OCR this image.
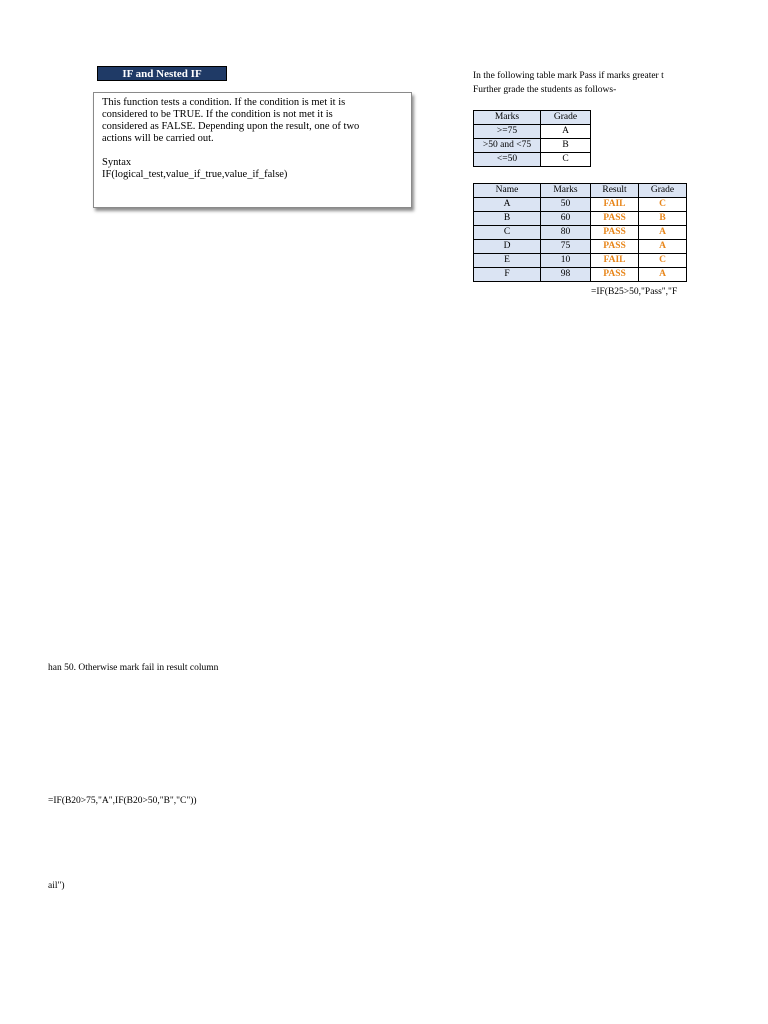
IF and Nested IF

This function tests a condition. If the condition is met it is

considered to be TRUE. If the condition is not met it is

considered as FALSE. Depending upon the result, one of two

actions will be carried out.

Syntax

IF(logical_test,value_if_true,value_if_false)

In the following table mark Pass if marks greater t
Further grade the students as follows-
Marks	Grade
>=75	A
>50 and <75	B
<=50	C
Name	Marks	Result	Grade
A	50	FAIL	C
B	60	PASS	B
C	80	PASS	A
D	75	PASS	A
E	10	FAIL	C
F	98	PASS	A
=IF(B25>50,"Pass","F
han 50. Otherwise mark fail in result column
=IF(B20>75,"A",IF(B20>50,"B","C"))
ail")
